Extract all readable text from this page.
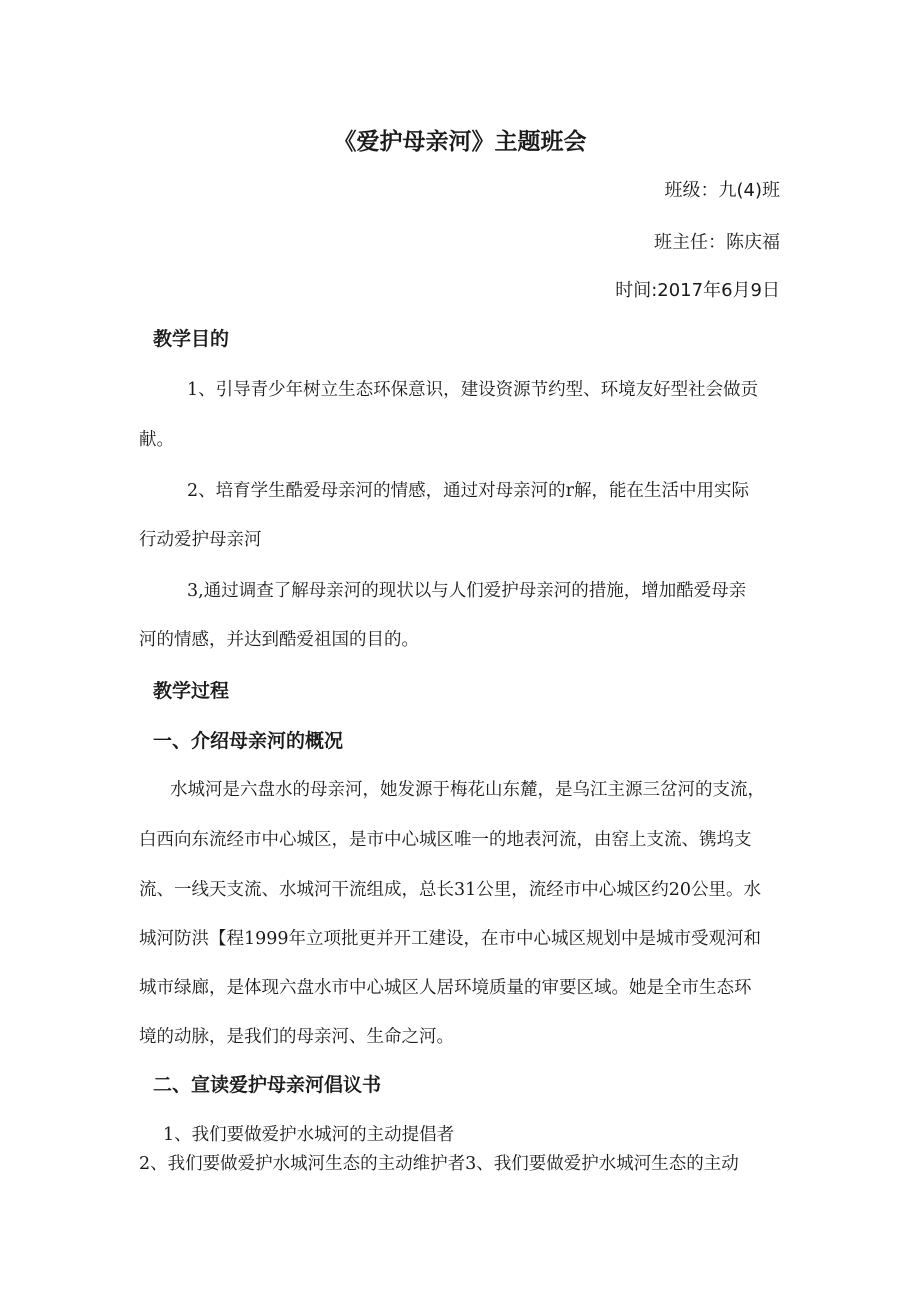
《爱护母亲河》主题班会
班级：九(4)班
班主任：陈庆福
时间:2017年6月9日
教学目的

1、引导青少年树立生态环保意识，建设资源节约型、环境友好型社会做贡

献。

2、培育学生酷爱母亲河的情感，通过对母亲河的r解，能在生活中用实际

行动爱护母亲河

3,通过调查了解母亲河的现状以与人们爱护母亲河的措施，增加酷爱母亲

河的情感，并达到酷爱祖国的目的。

教学过程
一、介绍母亲河的概况

水城河是六盘水的母亲河，她发源于梅花山东麓，是乌江主源三岔河的支流，

白西向东流经市中心城区，是市中心城区唯一的地表河流，由窑上支流、镌坞支

流、一线天支流、水城河干流组成，总长31公里，流经市中心城区约20公里。水

城河防洪【程1999年立项批更并开工建设，在市中心城区规划中是城市受观河和

城市绿廊，是体现六盘水市中心城区人居环境质量的审要区域。她是全市生态环

境的动脉，是我们的母亲河、生命之河。

二、宣读爱护母亲河倡议书

1、我们要做爱护水城河的主动提倡者

2、我们要做爱护水城河生态的主动维护者3、我们要做爱护水城河生态的主动
